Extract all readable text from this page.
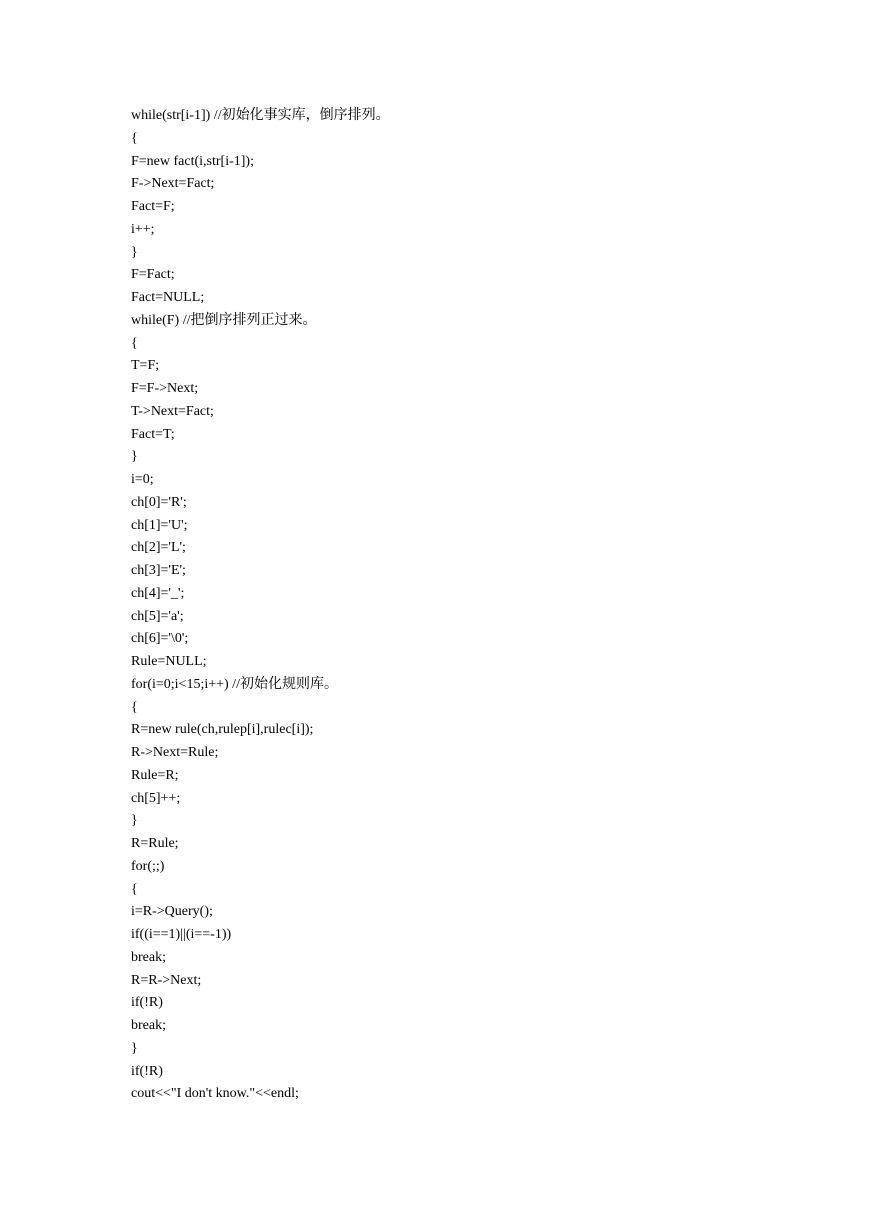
while(str[i-1]) //初始化事实库，倒序排列。
{
F=new fact(i,str[i-1]);
F->Next=Fact;
Fact=F;
i++;
}
F=Fact;
Fact=NULL;
while(F) //把倒序排列正过来。
{
T=F;
F=F->Next;
T->Next=Fact;
Fact=T;
}
i=0;
ch[0]='R';
ch[1]='U';
ch[2]='L';
ch[3]='E';
ch[4]='_';
ch[5]='a';
ch[6]='\0';
Rule=NULL;
for(i=0;i<15;i++) //初始化规则库。
{
R=new rule(ch,rulep[i],rulec[i]);
R->Next=Rule;
Rule=R;
ch[5]++;
}
R=Rule;
for(;;)
{
i=R->Query();
if((i==1)||(i==-1))
break;
R=R->Next;
if(!R)
break;
}
if(!R)
cout<<"I don't know."<<endl;
